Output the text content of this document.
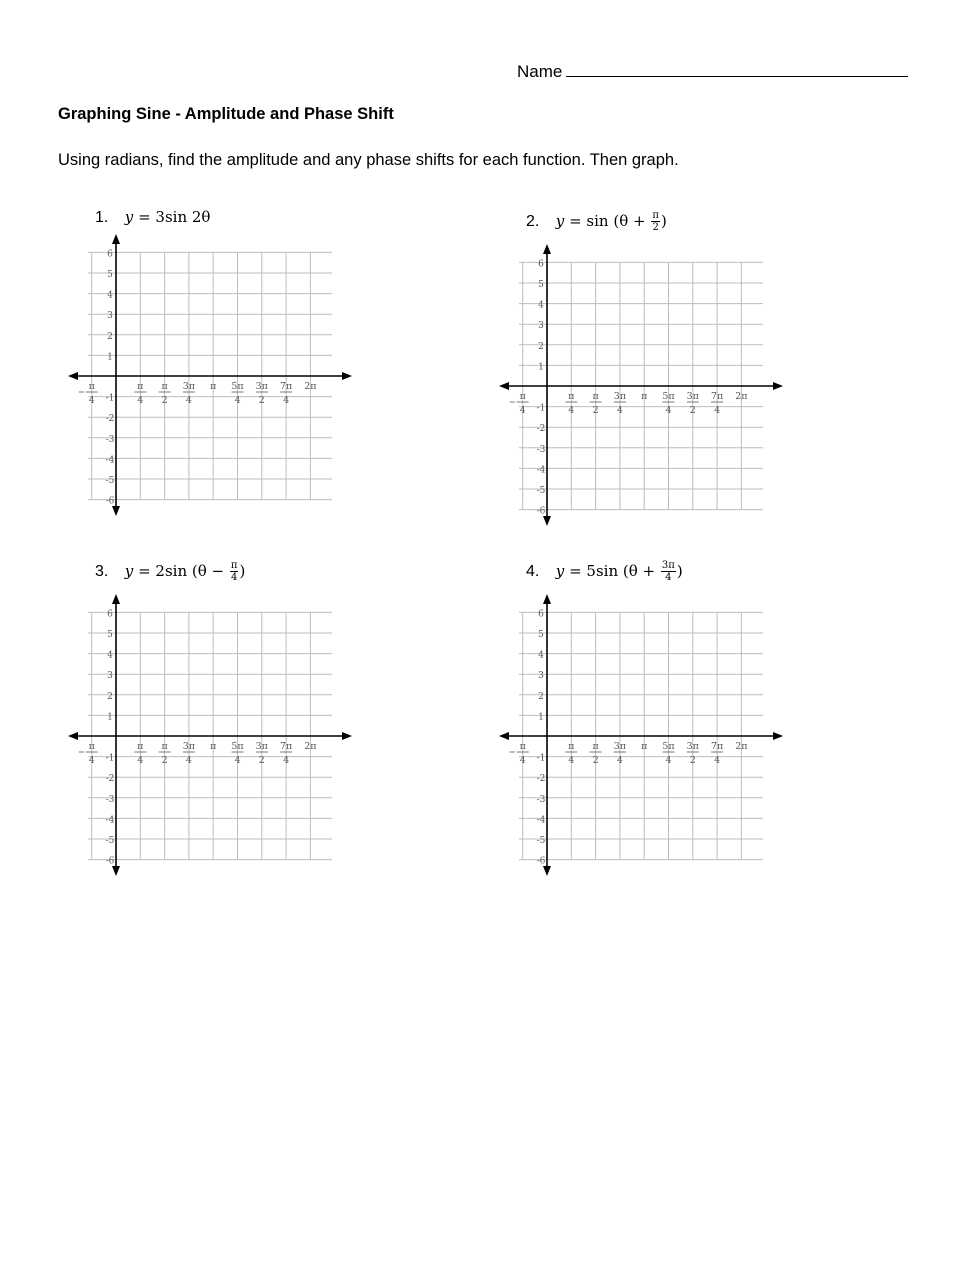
Name
Graphing Sine - Amplitude and Phase Shift
Using radians, find the amplitude and any phase shifts for each function. Then graph.
1. y = 3sin 2θ	2. $y = \sin (\theta + \frac{\pi}{2}$ )
3. y = 2sin ($\theta - \frac{\pi}{4}$ )	4. y = 5sin ($\theta + \frac{3\pi}{4}$ )
6
5
4
3
2
1
-1
-2
-3
-4
-5
-6
π
4
π
4
π
2
3π
4
π 5π
4
3π
2
7π
4
2π
6
5
4
3
2
1
-1
-2
-3
-4
-5
-6
π
4
π
4
π
2
3π
4
π 5π
4
3π
2
7π
4
2π
6
5
4
3
2
1
-1
-2
-3
-4
-5
-6
π
4
π
4
π
2
3π
4
π 5π
4
3π
2
7π
4
2π
6
5
4
3
2
1
-1
-2
-3
-4
-5
-6
π
4
π
4
π
2
3π
4
π 5π
4
3π
2
7π
4
2π
